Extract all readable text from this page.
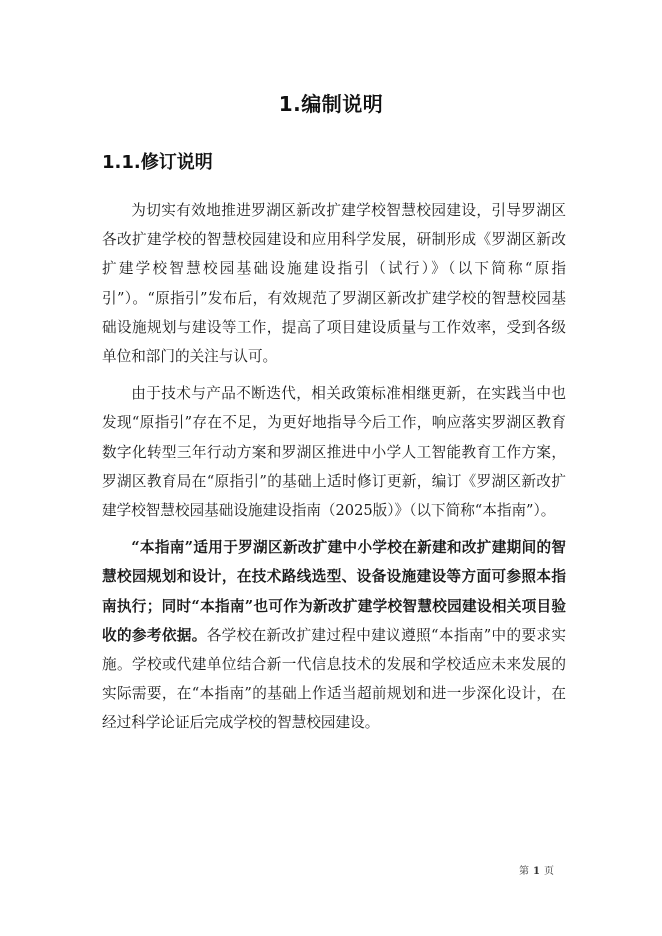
1.编制说明
1.1.修订说明

为切实有效地推进罗湖区新改扩建学校智慧校园建设，引导罗湖区各改扩建学校的智慧校园建设和应用科学发展，研制形成《罗湖区新改扩建学校智慧校园基础设施建设指引（试行）》（以下简称“原指引”）。“原指引”发布后，有效规范了罗湖区新改扩建学校的智慧校园基础设施规划与建设等工作，提高了项目建设质量与工作效率，受到各级单位和部门的关注与认可。

由于技术与产品不断迭代，相关政策标准相继更新，在实践当中也发现“原指引”存在不足，为更好地指导今后工作，响应落实罗湖区教育数字化转型三年行动方案和罗湖区推进中小学人工智能教育工作方案，罗湖区教育局在“原指引”的基础上适时修订更新，编订《罗湖区新改扩建学校智慧校园基础设施建设指南（2025版）》（以下简称“本指南”）。

“本指南”适用于罗湖区新改扩建中小学校在新建和改扩建期间的智慧校园规划和设计，在技术路线选型、设备设施建设等方面可参照本指南执行；同时“本指南”也可作为新改扩建学校智慧校园建设相关项目验收的参考依据。各学校在新改扩建过程中建议遵照“本指南”中的要求实施。学校或代建单位结合新一代信息技术的发展和学校适应未来发展的实际需要，在“本指南”的基础上作适当超前规划和进一步深化设计，在经过科学论证后完成学校的智慧校园建设。

第 1 页
